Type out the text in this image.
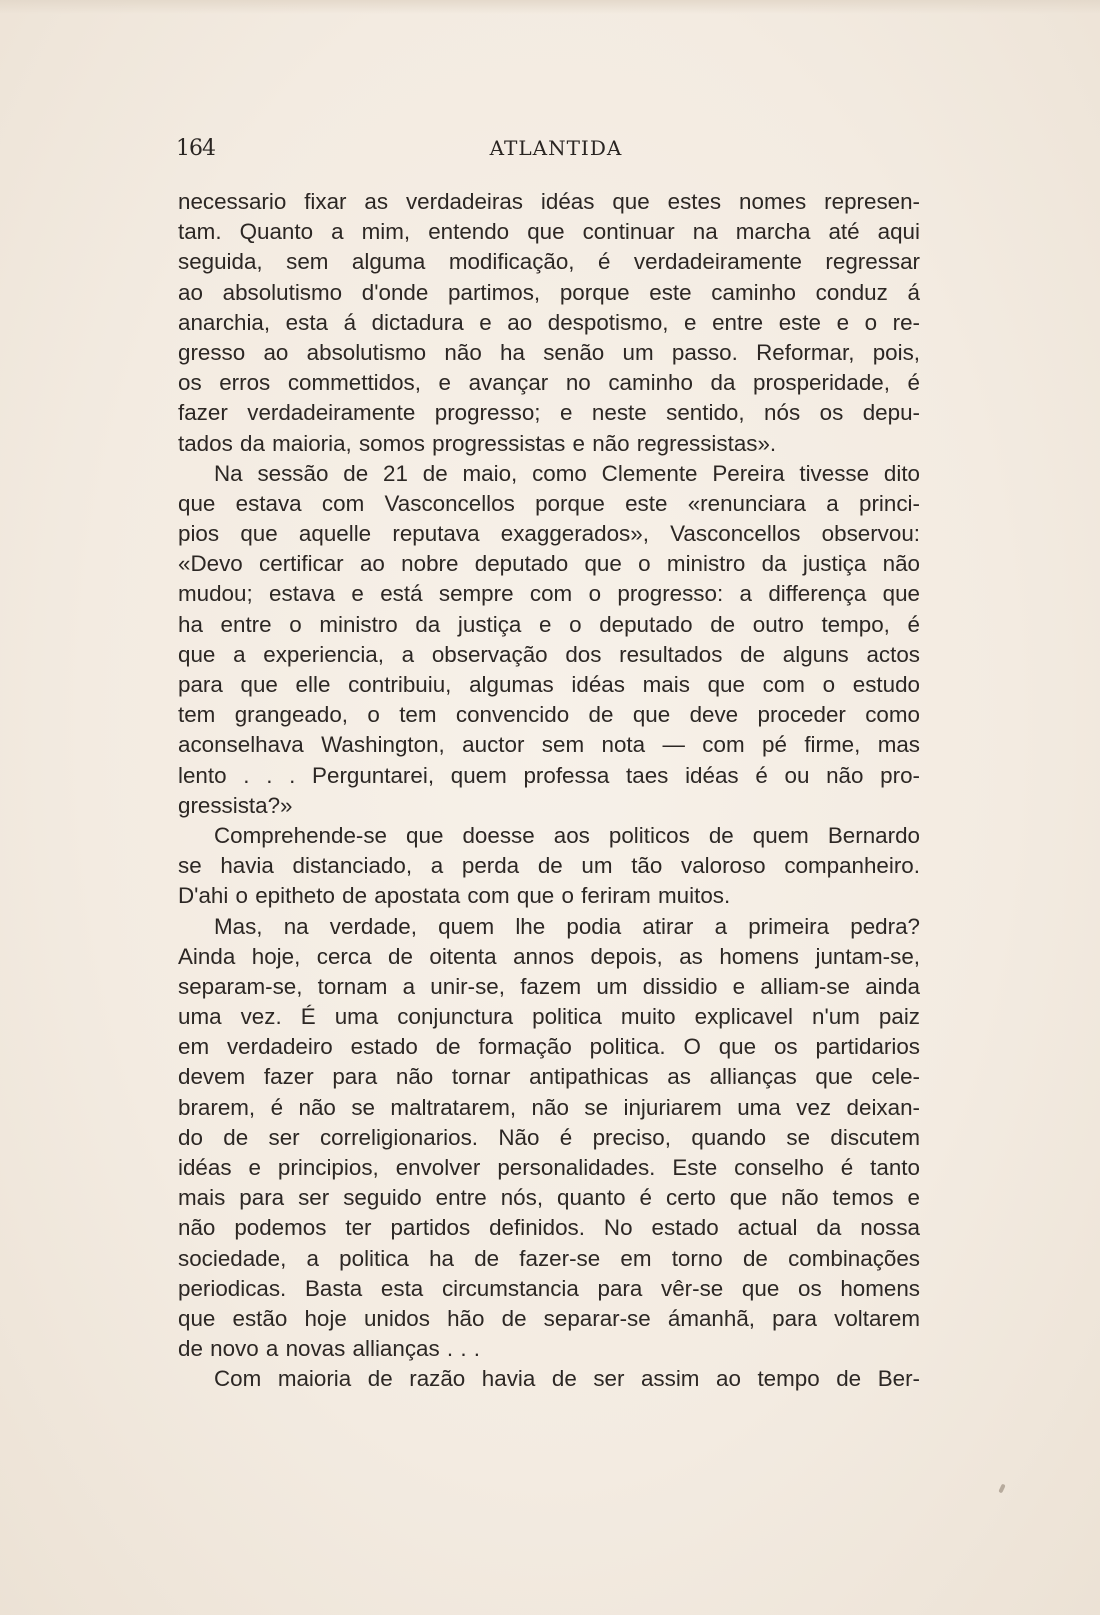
164	ATLANTIDA
necessario fixar as verdadeiras idéas que estes nomes represen-
tam. Quanto a mim, entendo que continuar na marcha até aqui
seguida, sem alguma modificação, é verdadeiramente regressar
ao absolutismo d'onde partimos, porque este caminho conduz á
anarchia, esta á dictadura e ao despotismo, e entre este e o re-
gresso ao absolutismo não ha senão um passo. Reformar, pois,
os erros commettidos, e avançar no caminho da prosperidade, é
fazer verdadeiramente progresso; e neste sentido, nós os depu-
tados da maioria, somos progressistas e não regressistas».
Na sessão de 21 de maio, como Clemente Pereira tivesse dito
que estava com Vasconcellos porque este «renunciara a princi-
pios que aquelle reputava exaggerados», Vasconcellos observou:
«Devo certificar ao nobre deputado que o ministro da justiça não
mudou; estava e está sempre com o progresso: a differença que
ha entre o ministro da justiça e o deputado de outro tempo, é
que a experiencia, a observação dos resultados de alguns actos
para que elle contribuiu, algumas idéas mais que com o estudo
tem grangeado, o tem convencido de que deve proceder como
aconselhava Washington, auctor sem nota — com pé firme, mas
lento . . . Perguntarei, quem professa taes idéas é ou não pro-
gressista?»
Comprehende-se que doesse aos politicos de quem Bernardo
se havia distanciado, a perda de um tão valoroso companheiro.
D'ahi o epitheto de apostata com que o feriram muitos.
Mas, na verdade, quem lhe podia atirar a primeira pedra?
Ainda hoje, cerca de oitenta annos depois, as homens juntam-se,
separam-se, tornam a unir-se, fazem um dissidio e alliam-se ainda
uma vez. É uma conjunctura politica muito explicavel n'um paiz
em verdadeiro estado de formação politica. O que os partidarios
devem fazer para não tornar antipathicas as allianças que cele-
brarem, é não se maltratarem, não se injuriarem uma vez deixan-
do de ser correligionarios. Não é preciso, quando se discutem
idéas e principios, envolver personalidades. Este conselho é tanto
mais para ser seguido entre nós, quanto é certo que não temos e
não podemos ter partidos definidos. No estado actual da nossa
sociedade, a politica ha de fazer-se em torno de combinações
periodicas. Basta esta circumstancia para vêr-se que os homens
que estão hoje unidos hão de separar-se ámanhã, para voltarem
de novo a novas allianças . . .
Com maioria de razão havia de ser assim ao tempo de Ber-
